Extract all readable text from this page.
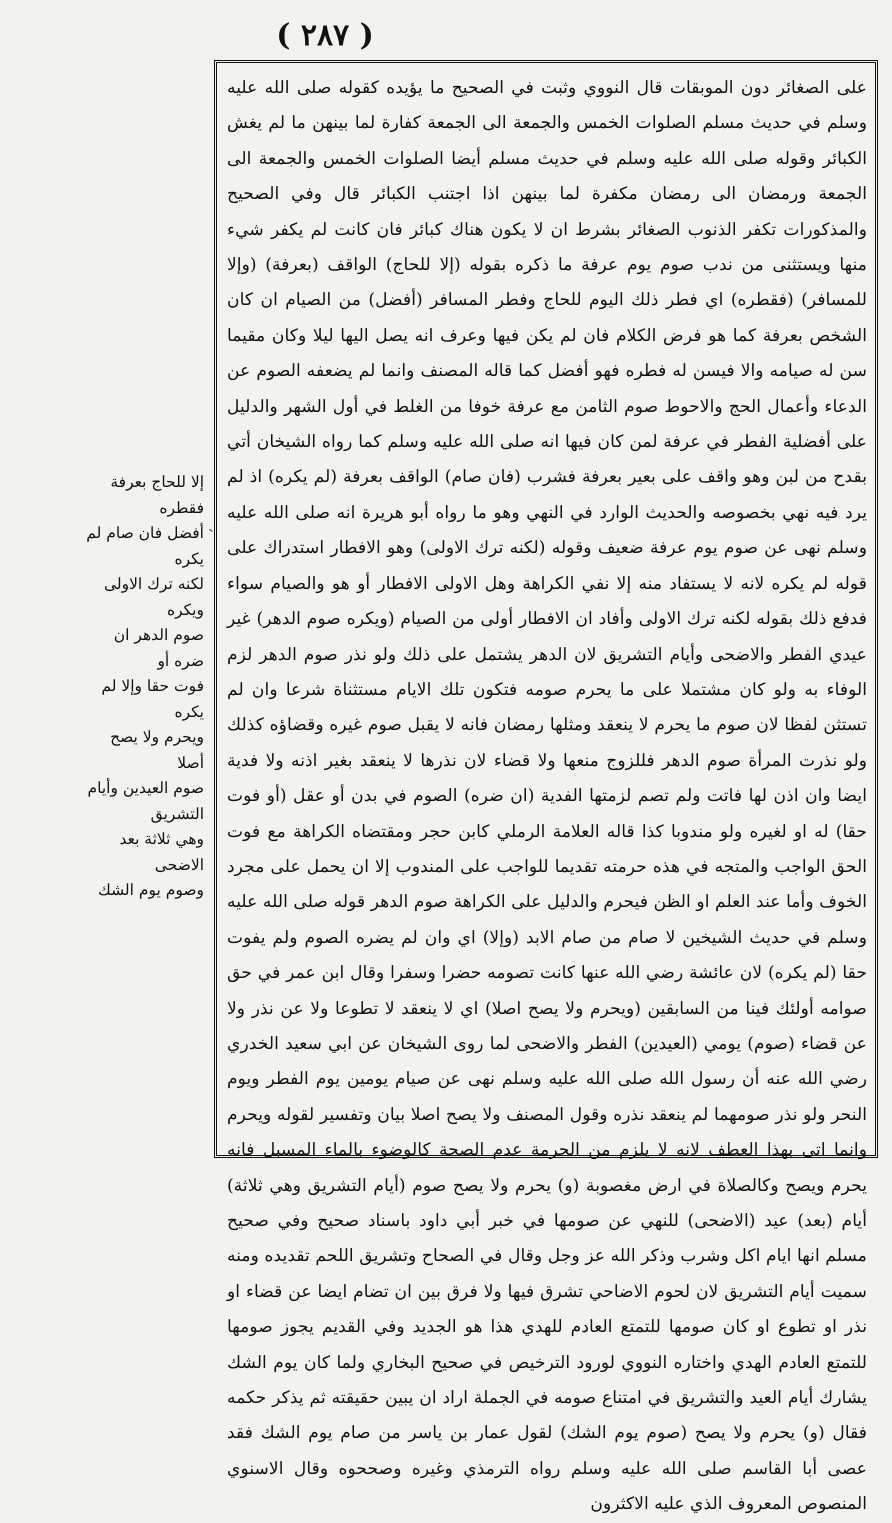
( ٢٨٧ )
ˎ

إلا للحاج بعرفة فقطره

أفضل فان صام لم يكره

لكنه ترك الاولى ويكره

صوم الدهر ان ضره أو

فوت حقا وإلا لم يكره

ويحرم ولا يصح أصلا

صوم العيدين وأيام التشريق

وهي ثلاثة بعد الاضحى

وصوم يوم الشك

على الصغائر دون الموبقات قال النووي وثبت في الصحيح ما يؤيده كقوله صلى الله عليه وسلم في حديث مسلم الصلوات الخمس والجمعة الى الجمعة كفارة لما بينهن ما لم يغش الكبائر وقوله صلى الله عليه وسلم في حديث مسلم أيضا الصلوات الخمس والجمعة الى الجمعة ورمضان الى رمضان مكفرة لما بينهن اذا اجتنب الكبائر قال وفي الصحيح والمذكورات تكفر الذنوب الصغائر بشرط ان لا يكون هناك كبائر فان كانت لم يكفر شيء منها ويستثنى من ندب صوم يوم عرفة ما ذكره بقوله (إلا للحاج) الواقف (بعرفة) (وإلا للمسافر) (فقطره) اي فطر ذلك اليوم للحاج وفطر المسافر (أفضل) من الصيام ان كان الشخص بعرفة كما هو فرض الكلام فان لم يكن فيها وعرف انه يصل اليها ليلا وكان مقيما سن له صيامه والا فيسن له فطره فهو أفضل كما قاله المصنف وانما لم يضعفه الصوم عن الدعاء وأعمال الحج والاحوط صوم الثامن مع عرفة خوفا من الغلط في أول الشهر والدليل على أفضلية الفطر في عرفة لمن كان فيها انه صلى الله عليه وسلم كما رواه الشيخان أتي بقدح من لبن وهو واقف على بعير بعرفة فشرب (فان صام) الواقف بعرفة (لم يكره) اذ لم يرد فيه نهي بخصوصه والحديث الوارد في النهي وهو ما رواه أبو هريرة انه صلى الله عليه وسلم نهى عن صوم يوم عرفة ضعيف وقوله (لكنه ترك الاولى) وهو الافطار استدراك على قوله لم يكره لانه لا يستفاد منه إلا نفي الكراهة وهل الاولى الافطار أو هو والصيام سواء فدفع ذلك بقوله لكنه ترك الاولى وأفاد ان الافطار أولى من الصيام (ويكره صوم الدهر) غير عيدي الفطر والاضحى وأيام التشريق لان الدهر يشتمل على ذلك ولو نذر صوم الدهر لزم الوفاء به ولو كان مشتملا على ما يحرم صومه فتكون تلك الايام مستثناة شرعا وان لم تستثن لفظا لان صوم ما يحرم لا ينعقد ومثلها رمضان فانه لا يقبل صوم غيره وقضاؤه كذلك ولو نذرت المرأة صوم الدهر فللزوج منعها ولا قضاء لان نذرها لا ينعقد بغير اذنه ولا فدية ايضا وان اذن لها فاتت ولم تصم لزمتها الفدية (ان ضره) الصوم في بدن أو عقل (أو فوت حقا) له او لغيره ولو مندوبا كذا قاله العلامة الرملي كابن حجر ومقتضاه الكراهة مع فوت الحق الواجب والمتجه في هذه حرمته تقديما للواجب على المندوب إلا ان يحمل على مجرد الخوف وأما عند العلم او الظن فيحرم والدليل على الكراهة صوم الدهر قوله صلى الله عليه وسلم في حديث الشيخين لا صام من صام الابد (وإلا) اي وان لم يضره الصوم ولم يفوت حقا (لم يكره) لان عائشة رضي الله عنها كانت تصومه حضرا وسفرا وقال ابن عمر في حق صوامه أولئك فينا من السابقين (ويحرم ولا يصح اصلا) اي لا ينعقد لا تطوعا ولا عن نذر ولا عن قضاء (صوم) يومي (العيدين) الفطر والاضحى لما روى الشيخان عن ابي سعيد الخدري رضي الله عنه أن رسول الله صلى الله عليه وسلم نهى عن صيام يومين يوم الفطر ويوم النحر ولو نذر صومهما لم ينعقد نذره وقول المصنف ولا يصح اصلا بيان وتفسير لقوله ويحرم وانما اتى بهذا العطف لانه لا يلزم من الحرمة عدم الصحة كالوضوء بالماء المسبل فانه يحرم ويصح وكالصلاة في ارض مغصوبة (و) يحرم ولا يصح صوم (أيام التشريق وهي ثلاثة) أيام (بعد) عيد (الاضحى) للنهي عن صومها في خبر أبي داود باسناد صحيح وفي صحيح مسلم انها ايام اكل وشرب وذكر الله عز وجل وقال في الصحاح وتشريق اللحم تقديده ومنه سميت أيام التشريق لان لحوم الاضاحي تشرق فيها ولا فرق بين ان تضام ايضا عن قضاء او نذر او تطوع او كان صومها للتمتع العادم للهدي هذا هو الجديد وفي القديم يجوز صومها للتمتع العادم الهدي واختاره النووي لورود الترخيص في صحيح البخاري ولما كان يوم الشك يشارك أيام العيد والتشريق في امتناع صومه في الجملة اراد ان يبين حقيقته ثم يذكر حكمه فقال (و) يحرم ولا يصح (صوم يوم الشك) لقول عمار بن ياسر من صام يوم الشك فقد عصى أبا القاسم صلى الله عليه وسلم رواه الترمذي وغيره وصححوه وقال الاسنوي المنصوص المعروف الذي عليه الاكثرون
